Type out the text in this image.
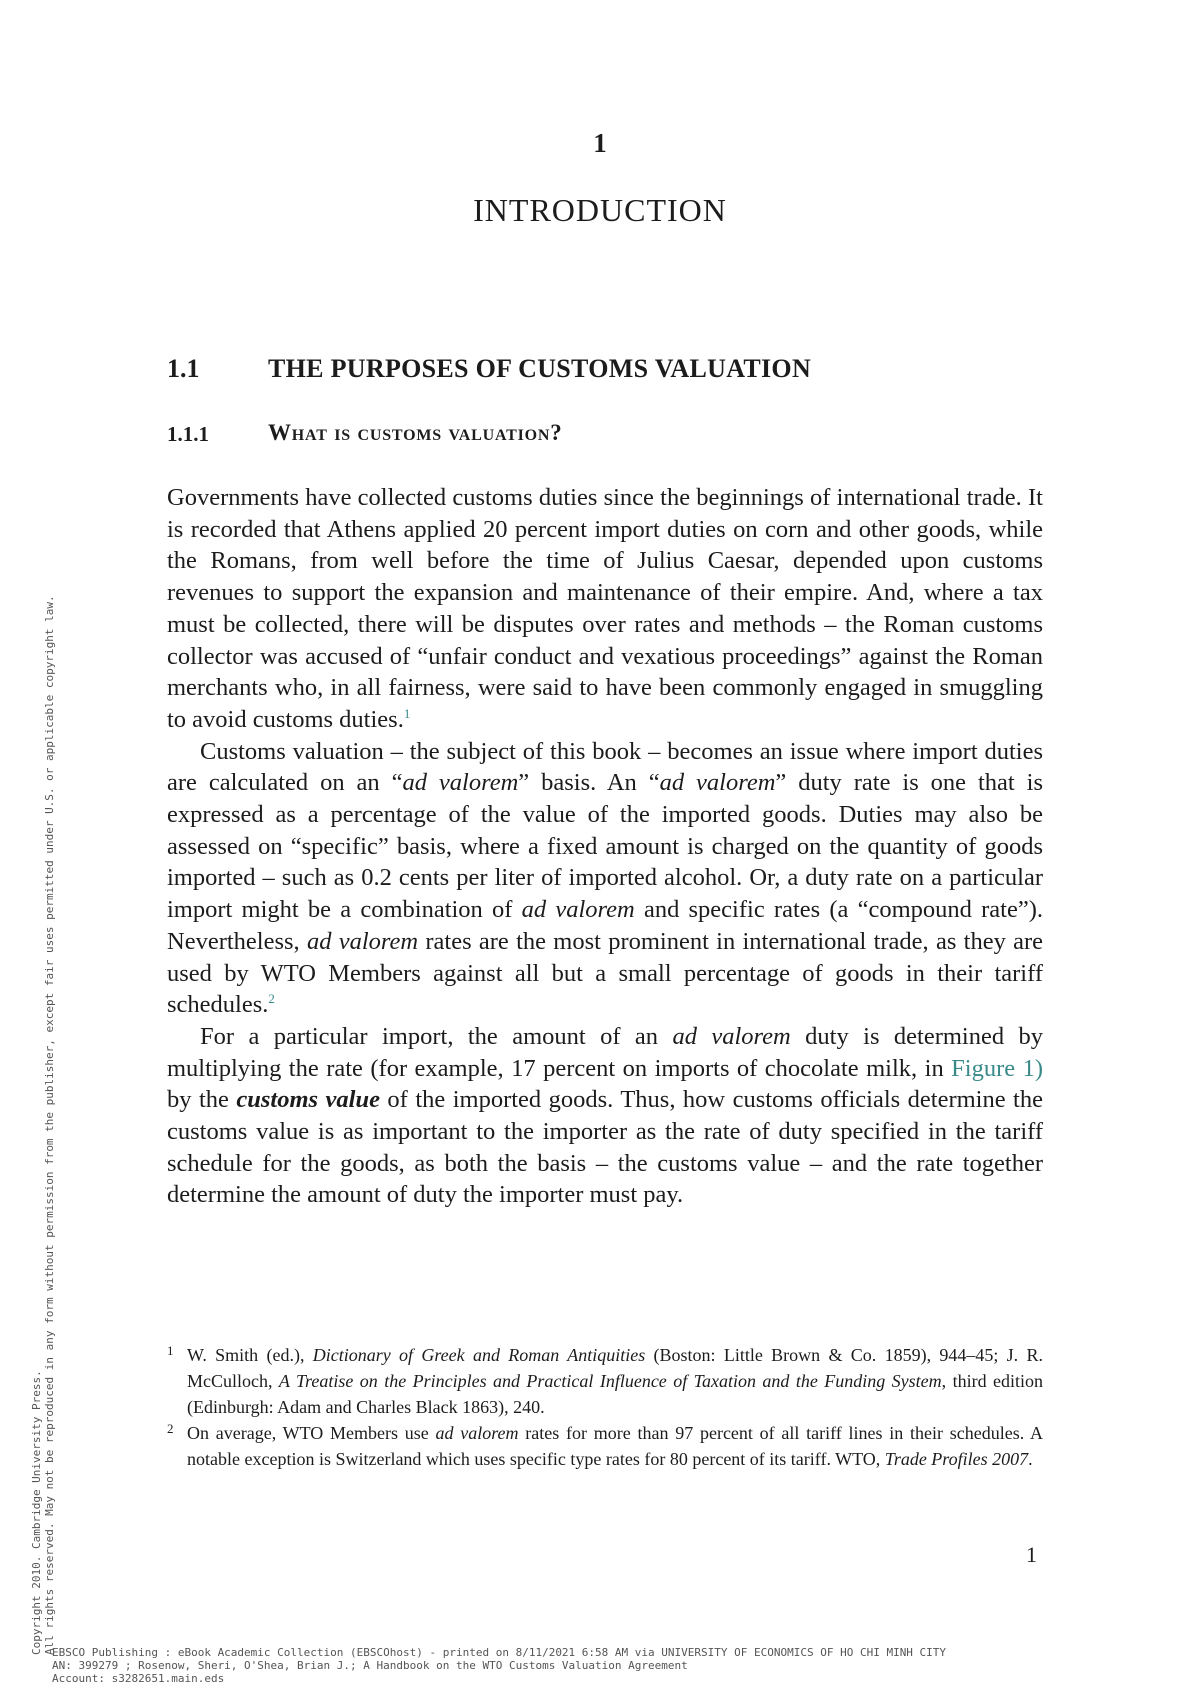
1
INTRODUCTION
1.1	THE PURPOSES OF CUSTOMS VALUATION
1.1.1	What is customs valuation?

Governments have collected customs duties since the beginnings of international trade. It is recorded that Athens applied 20 percent import duties on corn and other goods, while the Romans, from well before the time of Julius Caesar, depended upon customs revenues to support the expansion and maintenance of their empire. And, where a tax must be collected, there will be disputes over rates and methods – the Roman customs collector was accused of “unfair conduct and vexatious proceedings” against the Roman merchants who, in all fairness, were said to have been commonly engaged in smuggling to avoid customs duties.$^1$

Customs valuation – the subject of this book – becomes an issue where import duties are calculated on an “ad valorem” basis. An “ad valorem” duty rate is one that is expressed as a percentage of the value of the imported goods. Duties may also be assessed on “specific” basis, where a fixed amount is charged on the quantity of goods imported – such as 0.2 cents per liter of imported alcohol. Or, a duty rate on a particular import might be a combination of ad valorem and specific rates (a “compound rate”). Nevertheless, ad valorem rates are the most prominent in international trade, as they are used by WTO Members against all but a small percentage of goods in their tariff schedules.$^2$

For a particular import, the amount of an ad valorem duty is determined by multiplying the rate (for example, 17 percent on imports of chocolate milk, in Figure 1) by the customs value of the imported goods. Thus, how customs officials determine the customs value is as important to the importer as the rate of duty specified in the tariff schedule for the goods, as both the basis – the customs value – and the rate together determine the amount of duty the importer must pay.

1 W. Smith (ed.), Dictionary of Greek and Roman Antiquities (Boston: Little Brown & Co. 1859), 944–45; J. R. McCulloch, A Treatise on the Principles and Practical Influence of Taxation and the Funding System, third edition (Edinburgh: Adam and Charles Black 1863), 240.

2 On average, WTO Members use ad valorem rates for more than 97 percent of all tariff lines in their schedules. A notable exception is Switzerland which uses specific type rates for 80 percent of its tariff. WTO, Trade Profiles 2007.

1
Copyright 2010. Cambridge University Press. All rights reserved. May not be reproduced in any form without permission from the publisher, except fair uses permitted under U.S. or applicable copyright law.
EBSCO Publishing : eBook Academic Collection (EBSCOhost) - printed on 8/11/2021 6:58 AM via UNIVERSITY OF ECONOMICS OF HO CHI MINH CITY
AN: 399279 ; Rosenow, Sheri, O'Shea, Brian J.; A Handbook on the WTO Customs Valuation Agreement
Account: s3282651.main.eds
